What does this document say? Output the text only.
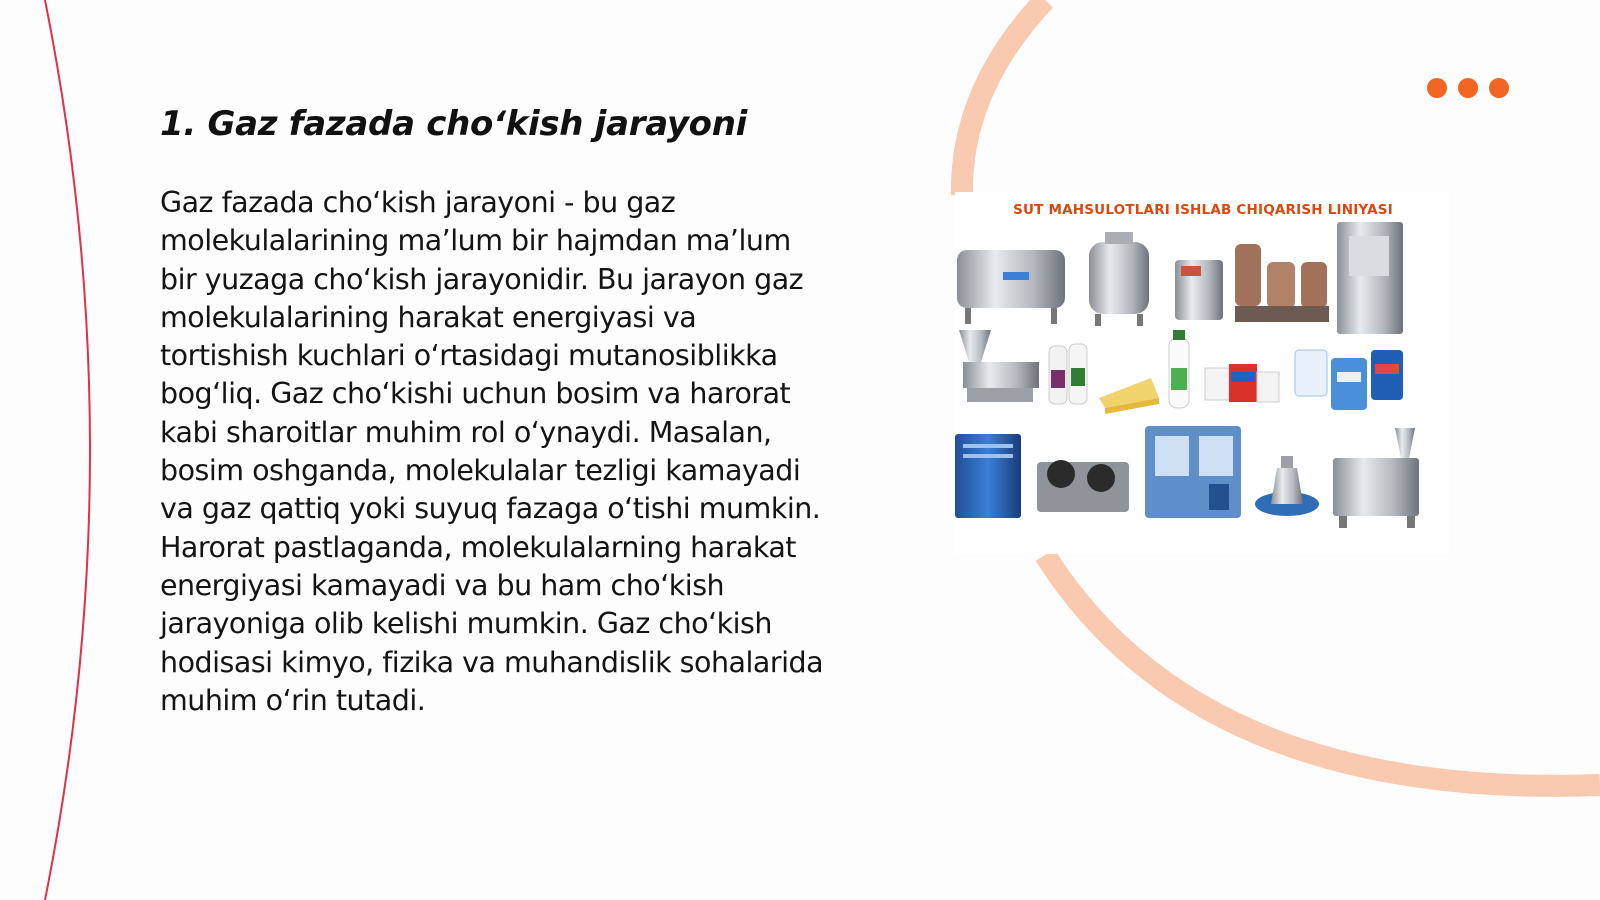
1. Gaz fazada cho‘kish jarayoni

Gaz fazada cho‘kish jarayoni - bu gaz molekulalarining ma’lum bir hajmdan ma’lum bir yuzaga cho‘kish jarayonidir. Bu jarayon gaz molekulalarining harakat energiyasi va tortishish kuchlari o‘rtasidagi mutanosiblikka bog‘liq. Gaz cho‘kishi uchun bosim va harorat kabi sharoitlar muhim rol o‘ynaydi. Masalan, bosim oshganda, molekulalar tezligi kamayadi va gaz qattiq yoki suyuq fazaga o‘tishi mumkin. Harorat pastlaganda, molekulalarning harakat energiyasi kamayadi va bu ham cho‘kish jarayoniga olib kelishi mumkin. Gaz cho‘kish hodisasi kimyo, fizika va muhandislik sohalarida muhim o‘rin tutadi.

SUT MAHSULOTLARI ISHLAB CHIQARISH LINIYASI
